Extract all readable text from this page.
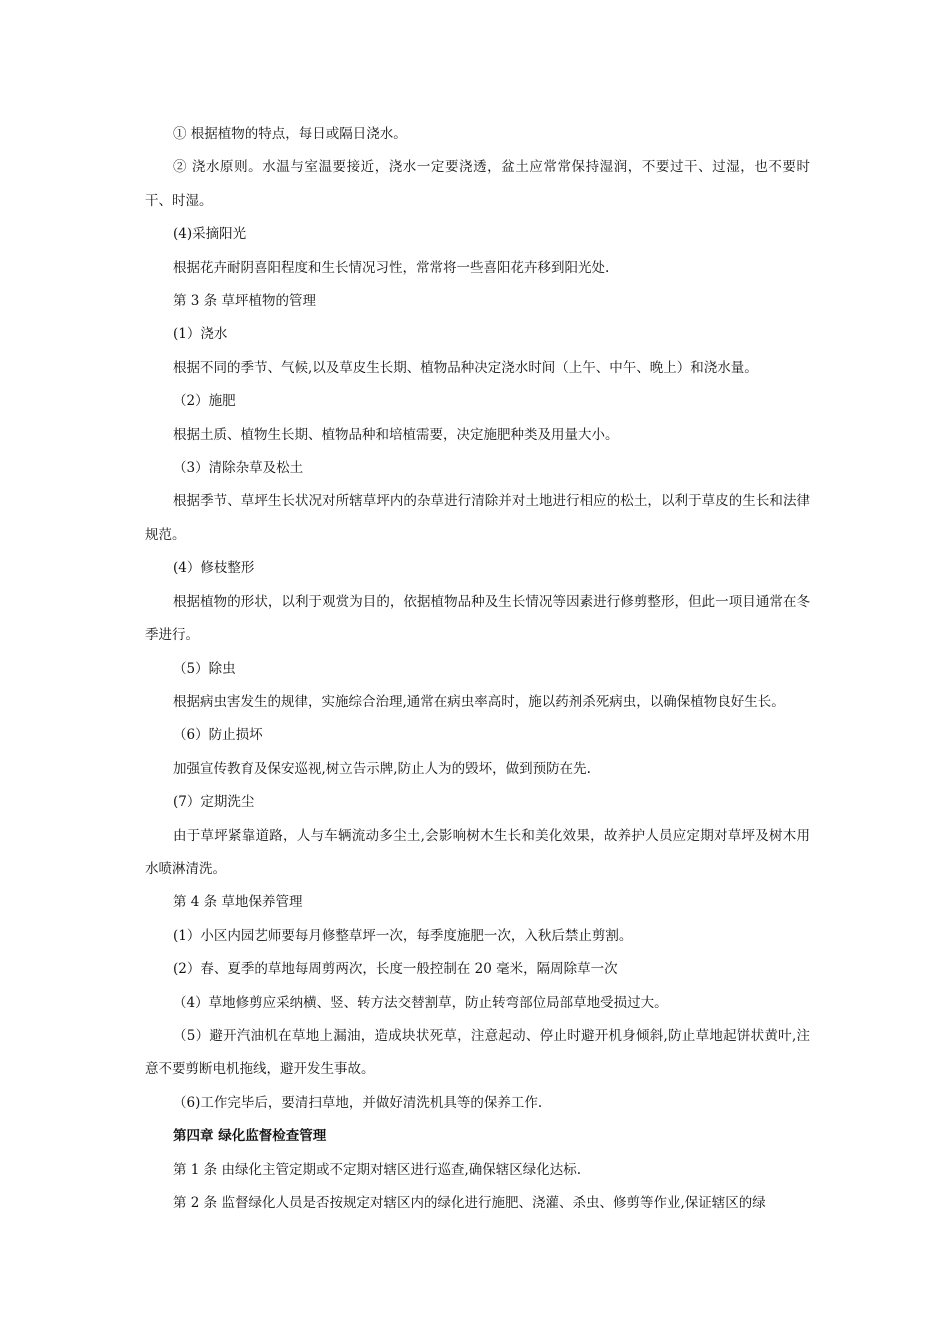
① 根据植物的特点，每日或隔日浇水。

② 浇水原则。水温与室温要接近，浇水一定要浇透，盆土应常常保持湿润，不要过干、过湿，也不要时干、时湿。

(4)采摘阳光

根据花卉耐阴喜阳程度和生长情况习性，常常将一些喜阳花卉移到阳光处.

第 3 条 草坪植物的管理

(1）浇水

根据不同的季节、气候,以及草皮生长期、植物品种决定浇水时间（上午、中午、晚上）和浇水量。

（2）施肥

根据土质、植物生长期、植物品种和培植需要，决定施肥种类及用量大小。

（3）清除杂草及松土

根据季节、草坪生长状况对所辖草坪内的杂草进行清除并对土地进行相应的松土，以利于草皮的生长和法律规范。

(4）修枝整形

根据植物的形状，以利于观赏为目的，依据植物品种及生长情况等因素进行修剪整形，但此一项目通常在冬季进行。

（5）除虫

根据病虫害发生的规律，实施综合治理,通常在病虫率高时，施以药剂杀死病虫，以确保植物良好生长。

（6）防止损坏

加强宣传教育及保安巡视,树立告示牌,防止人为的毁坏，做到预防在先.

(7）定期洗尘

由于草坪紧靠道路，人与车辆流动多尘土,会影响树木生长和美化效果，故养护人员应定期对草坪及树木用水喷淋清洗。

第 4 条 草地保养管理

(1）小区内园艺师要每月修整草坪一次，每季度施肥一次，入秋后禁止剪割。

(2）春、夏季的草地每周剪两次，长度一般控制在 20 毫米，隔周除草一次

（4）草地修剪应采纳横、竖、转方法交替割草，防止转弯部位局部草地受损过大。

（5）避开汽油机在草地上漏油，造成块状死草，注意起动、停止时避开机身倾斜,防止草地起饼状黄叶,注意不要剪断电机拖线，避开发生事故。

（6)工作完毕后，要清扫草地，并做好清洗机具等的保养工作.

第四章 绿化监督检查管理

第 1 条 由绿化主管定期或不定期对辖区进行巡查,确保辖区绿化达标.

第 2 条 监督绿化人员是否按规定对辖区内的绿化进行施肥、浇灌、杀虫、修剪等作业,保证辖区的绿
